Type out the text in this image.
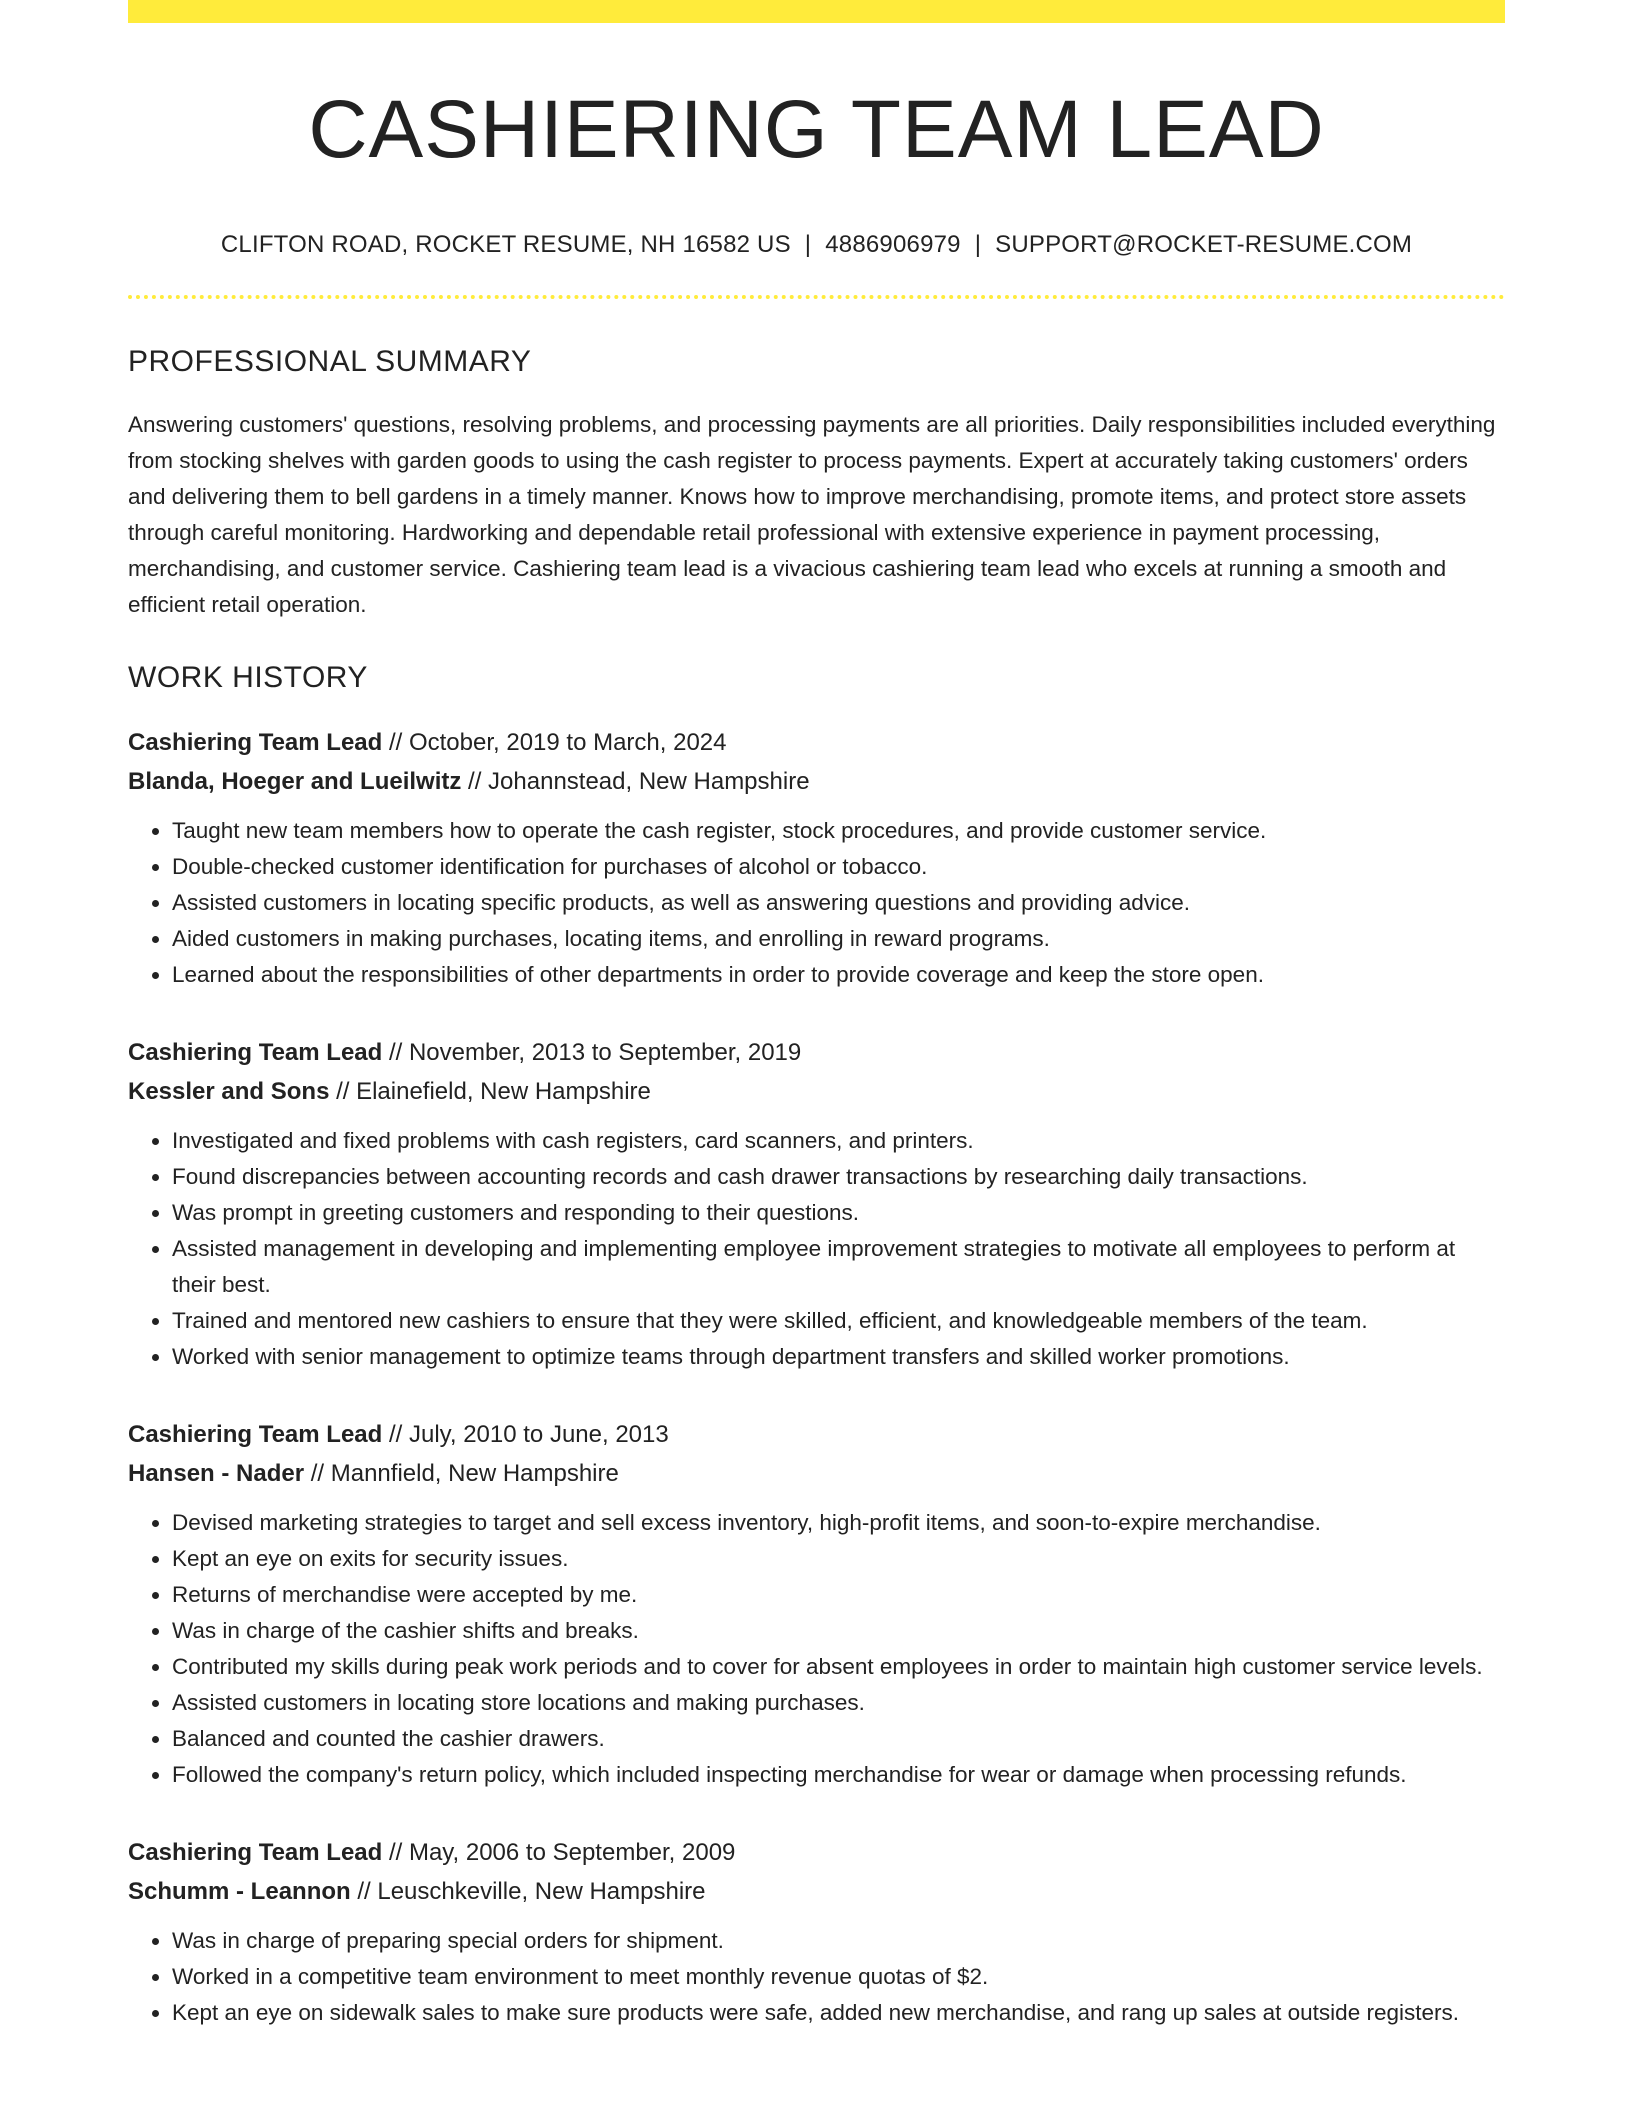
CASHIERING TEAM LEAD
CLIFTON ROAD, ROCKET RESUME, NH 16582 US | 4886906979 | SUPPORT@ROCKET-RESUME.COM
PROFESSIONAL SUMMARY
Answering customers' questions, resolving problems, and processing payments are all priorities. Daily responsibilities included everything from stocking shelves with garden goods to using the cash register to process payments. Expert at accurately taking customers' orders and delivering them to bell gardens in a timely manner. Knows how to improve merchandising, promote items, and protect store assets through careful monitoring. Hardworking and dependable retail professional with extensive experience in payment processing, merchandising, and customer service. Cashiering team lead is a vivacious cashiering team lead who excels at running a smooth and efficient retail operation.
WORK HISTORY
Cashiering Team Lead // October, 2019 to March, 2024
Blanda, Hoeger and Lueilwitz // Johannstead, New Hampshire
• Taught new team members how to operate the cash register, stock procedures, and provide customer service.
• Double-checked customer identification for purchases of alcohol or tobacco.
• Assisted customers in locating specific products, as well as answering questions and providing advice.
• Aided customers in making purchases, locating items, and enrolling in reward programs.
• Learned about the responsibilities of other departments in order to provide coverage and keep the store open.
Cashiering Team Lead // November, 2013 to September, 2019
Kessler and Sons // Elainefield, New Hampshire
• Investigated and fixed problems with cash registers, card scanners, and printers.
• Found discrepancies between accounting records and cash drawer transactions by researching daily transactions.
• Was prompt in greeting customers and responding to their questions.
• Assisted management in developing and implementing employee improvement strategies to motivate all employees to perform at their best.
• Trained and mentored new cashiers to ensure that they were skilled, efficient, and knowledgeable members of the team.
• Worked with senior management to optimize teams through department transfers and skilled worker promotions.
Cashiering Team Lead // July, 2010 to June, 2013
Hansen - Nader // Mannfield, New Hampshire
• Devised marketing strategies to target and sell excess inventory, high-profit items, and soon-to-expire merchandise.
• Kept an eye on exits for security issues.
• Returns of merchandise were accepted by me.
• Was in charge of the cashier shifts and breaks.
• Contributed my skills during peak work periods and to cover for absent employees in order to maintain high customer service levels.
• Assisted customers in locating store locations and making purchases.
• Balanced and counted the cashier drawers.
• Followed the company's return policy, which included inspecting merchandise for wear or damage when processing refunds.
Cashiering Team Lead // May, 2006 to September, 2009
Schumm - Leannon // Leuschkeville, New Hampshire
• Was in charge of preparing special orders for shipment.
• Worked in a competitive team environment to meet monthly revenue quotas of $2.
• Kept an eye on sidewalk sales to make sure products were safe, added new merchandise, and rang up sales at outside registers.
